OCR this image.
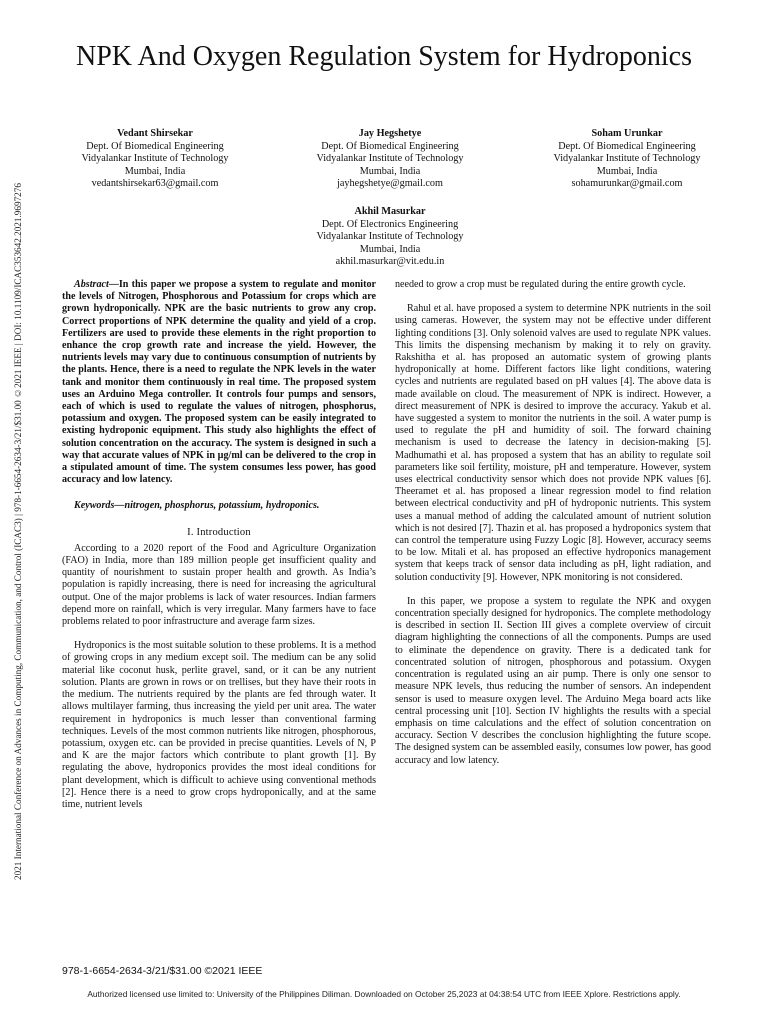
2021 International Conference on Advances in Computing, Communication, and Control (ICAC3) | 978-1-6654-2634-3/21/$31.00 ©2021 IEEE | DOI: 10.1109/ICAC353642.2021.9697276
NPK And Oxygen Regulation System for Hydroponics
Vedant Shirsekar
Dept. Of Biomedical Engineering
Vidyalankar Institute of Technology
Mumbai, India
vedantshirsekar63@gmail.com
Jay Hegshetye
Dept. Of Biomedical Engineering
Vidyalankar Institute of Technology
Mumbai, India
jayhegshetye@gmail.com
Soham Urunkar
Dept. Of Biomedical Engineering
Vidyalankar Institute of Technology
Mumbai, India
sohamurunkar@gmail.com
Akhil Masurkar
Dept. Of Electronics Engineering
Vidyalankar Institute of Technology
Mumbai, India
akhil.masurkar@vit.edu.in

Abstract—In this paper we propose a system to regulate and monitor the levels of Nitrogen, Phosphorous and Potassium for crops which are grown hydroponically. NPK are the basic nutrients to grow any crop. Correct proportions of NPK determine the quality and yield of a crop. Fertilizers are used to provide these elements in the right proportion to enhance the crop growth rate and increase the yield. However, the nutrients levels may vary due to continuous consumption of nutrients by the plants. Hence, there is a need to regulate the NPK levels in the water tank and monitor them continuously in real time. The proposed system uses an Arduino Mega controller. It controls four pumps and sensors, each of which is used to regulate the values of nitrogen, phosphorus, potassium and oxygen. The proposed system can be easily integrated to existing hydroponic equipment. This study also highlights the effect of solution concentration on the accuracy. The system is designed in such a way that accurate values of NPK in µg/ml can be delivered to the crop in a stipulated amount of time. The system consumes less power, has good accuracy and low latency.

Keywords—nitrogen, phosphorus, potassium, hydroponics.

I. Introduction

According to a 2020 report of the Food and Agriculture Organization (FAO) in India, more than 189 million people get insufficient quality and quantity of nourishment to sustain proper health and growth. As India’s population is rapidly increasing, there is need for increasing the agricultural output. One of the major problems is lack of water resources. Indian farmers depend more on rainfall, which is very irregular. Many farmers have to face problems related to poor infrastructure and average farm sizes.

Hydroponics is the most suitable solution to these problems. It is a method of growing crops in any medium except soil. The medium can be any solid material like coconut husk, perlite gravel, sand, or it can be any nutrient solution. Plants are grown in rows or on trellises, but they have their roots in the medium. The nutrients required by the plants are fed through water. It allows multilayer farming, thus increasing the yield per unit area. The water requirement in hydroponics is much lesser than conventional farming techniques. Levels of the most common nutrients like nitrogen, phosphorous, potassium, oxygen etc. can be provided in precise quantities. Levels of N, P and K are the major factors which contribute to plant growth [1]. By regulating the above, hydroponics provides the most ideal conditions for plant development, which is difficult to achieve using conventional methods [2]. Hence there is a need to grow crops hydroponically, and at the same time, nutrient levels

needed to grow a crop must be regulated during the entire growth cycle.

Rahul et al. have proposed a system to determine NPK nutrients in the soil using cameras. However, the system may not be effective under different lighting conditions [3]. Only solenoid valves are used to regulate NPK values. This limits the dispensing mechanism by making it to rely on gravity. Rakshitha et al. has proposed an automatic system of growing plants hydroponically at home. Different factors like light conditions, watering cycles and nutrients are regulated based on pH values [4]. The above data is made available on cloud. The measurement of NPK is indirect. However, a direct measurement of NPK is desired to improve the accuracy. Yakub et al. have suggested a system to monitor the nutrients in the soil. A water pump is used to regulate the pH and humidity of soil. The forward chaining mechanism is used to decrease the latency in decision-making [5]. Madhumathi et al. has proposed a system that has an ability to regulate soil parameters like soil fertility, moisture, pH and temperature. However, system uses electrical conductivity sensor which does not provide NPK values [6]. Theeramet et al. has proposed a linear regression model to find relation between electrical conductivity and pH of hydroponic nutrients. This system uses a manual method of adding the calculated amount of nutrient solution which is not desired [7]. Thazin et al. has proposed a hydroponics system that can control the temperature using Fuzzy Logic [8]. However, accuracy seems to be low. Mitali et al. has proposed an effective hydroponics management system that keeps track of sensor data including as pH, light radiation, and solution conductivity [9]. However, NPK monitoring is not considered.

In this paper, we propose a system to regulate the NPK and oxygen concentration specially designed for hydroponics. The complete methodology is described in section II. Section III gives a complete overview of circuit diagram highlighting the connections of all the components. Pumps are used to eliminate the dependence on gravity. There is a dedicated tank for concentrated solution of nitrogen, phosphorous and potassium. Oxygen concentration is regulated using an air pump. There is only one sensor to measure NPK levels, thus reducing the number of sensors. An independent sensor is used to measure oxygen level. The Arduino Mega board acts like central processing unit [10]. Section IV highlights the results with a special emphasis on time calculations and the effect of solution concentration on accuracy. Section V describes the conclusion highlighting the future scope. The designed system can be assembled easily, consumes low power, has good accuracy and low latency.

978-1-6654-2634-3/21/$31.00 ©2021 IEEE
Authorized licensed use limited to: University of the Philippines Diliman. Downloaded on October 25,2023 at 04:38:54 UTC from IEEE Xplore. Restrictions apply.
